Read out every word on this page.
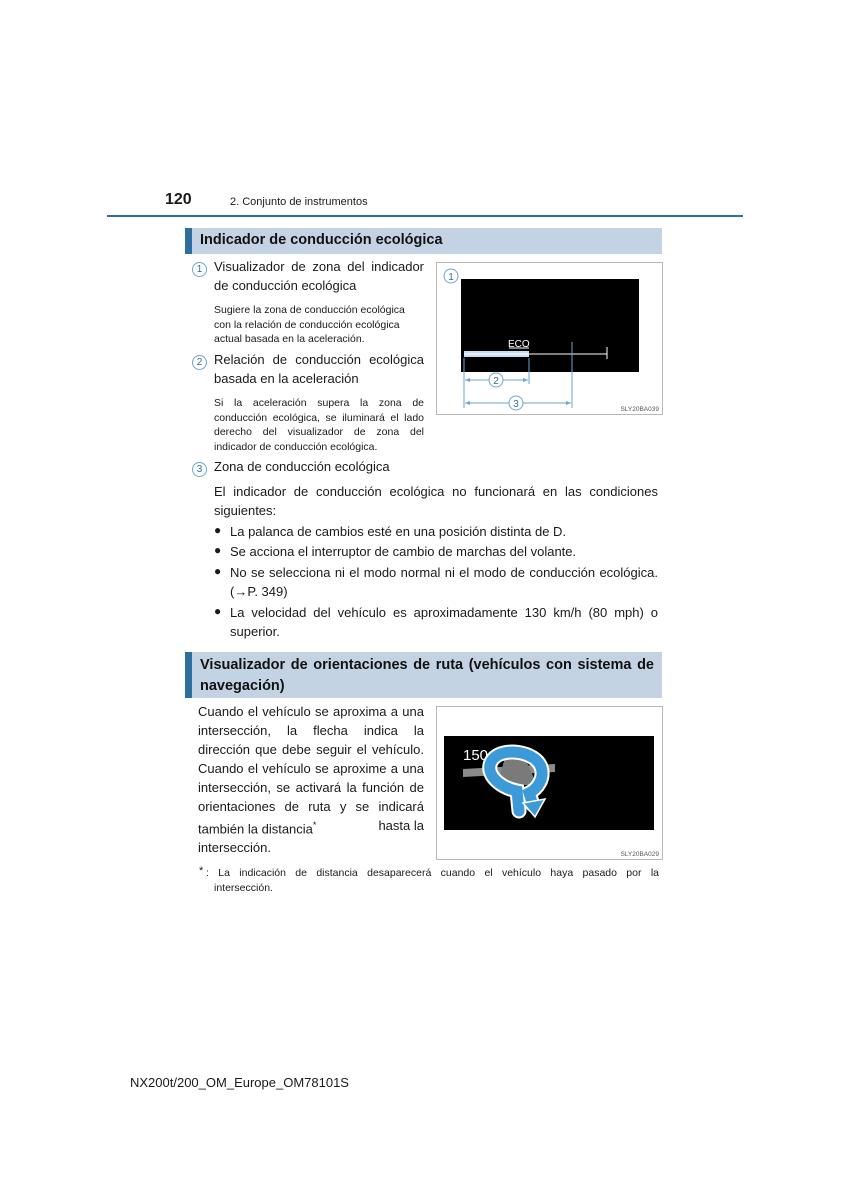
120	2. Conjunto de instrumentos
Indicador de conducción ecológica
1 Visualizador de zona del indicador
de conducción ecológica
Sugiere la zona de conducción ecológica
con la relación de conducción ecológica
actual basada en la aceleración.
2 Relación de conducción ecológica
basada en la aceleración
Si la aceleración supera la zona de
conducción ecológica, se iluminará el lado
derecho del visualizador de zona del
indicador de conducción ecológica.
ECO
1
2
3	SLY20BA039
3 Zona de conducción ecológica
El indicador de conducción ecológica no funcionará en las condiciones
siguientes:
● La palanca de cambios esté en una posición distinta de D.
● Se acciona el interruptor de cambio de marchas del volante.
● No se selecciona ni el modo normal ni el modo de conducción ecológica.
(→P. 349)
● La velocidad del vehículo es aproximadamente 130 km/h (80 mph) o
superior.
Visualizador de orientaciones de ruta (vehículos con sistema de
navegación)
Cuando el vehículo se aproxima a una
intersección, la flecha indica la
dirección que debe seguir el vehículo.
Cuando el vehículo se aproxime a una
intersección, se activará la función de
orientaciones de ruta y se indicará
también la distancia*	hasta la
intersección.
150
SLY20BA029
* : La indicación de distancia desaparecerá cuando el vehículo haya pasado por la
intersección.
NX200t/200_OM_Europe_OM78101S
